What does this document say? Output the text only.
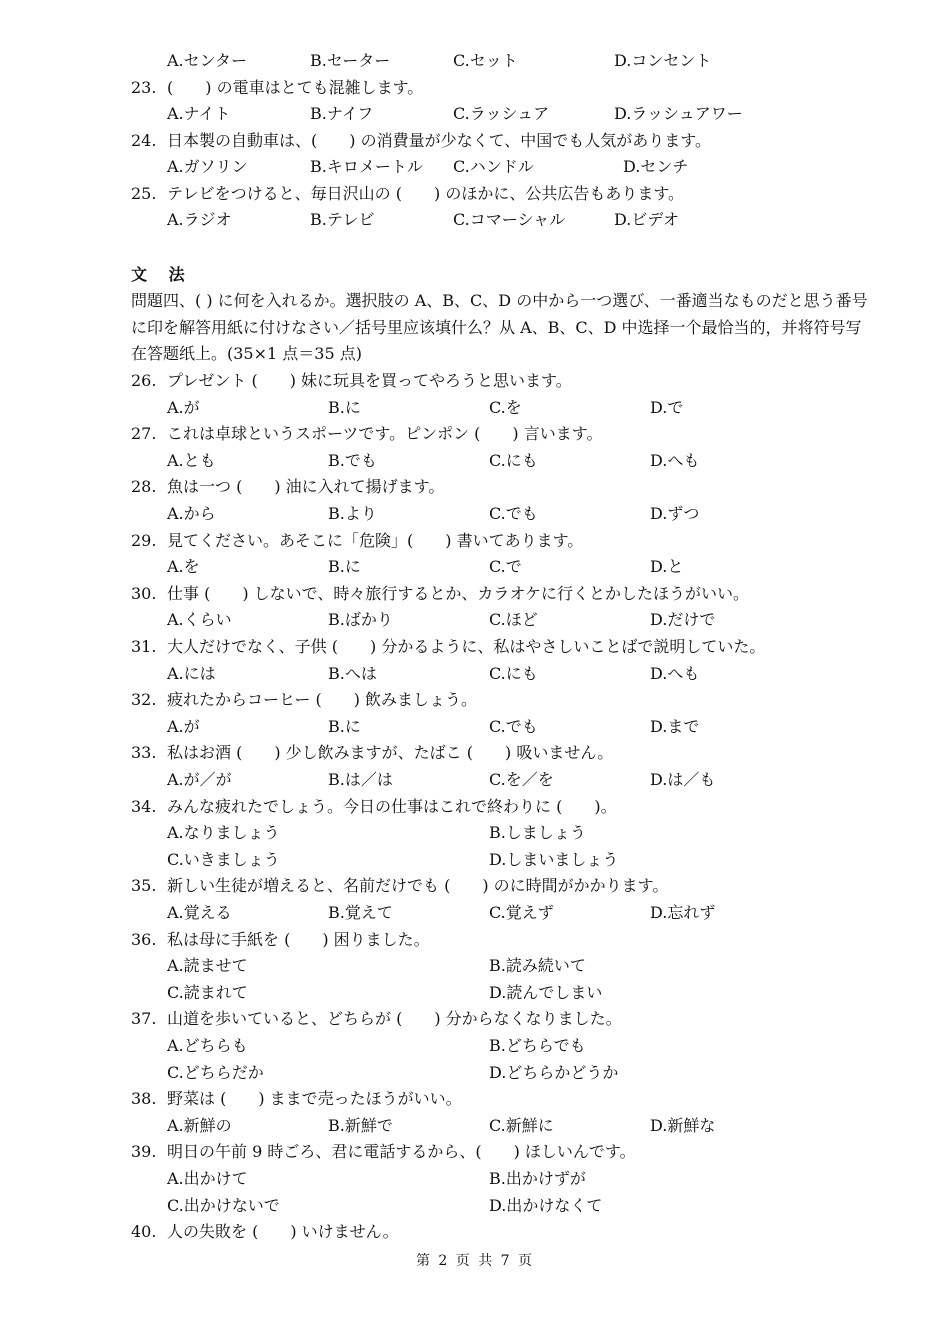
A.センター	B.セーター	C.セット	D.コンセント
23. (　　) の電車はとても混雑します。
A.ナイト	B.ナイフ	C.ラッシュア	D.ラッシュアワー
24. 日本製の自動車は、(　　) の消費量が少なくて、中国でも人気があります。
A.ガソリン	B.キロメートル C.ハンドル	D.センチ
25. テレビをつけると、毎日沢山の (　　) のほかに、公共広告もあります。
A.ラジオ	B.テレビ	C.コマーシャル	D.ビデオ
文 法
問題四、( ) に何を入れるか。選択肢の A、B、C、D の中から一つ選び、一番適当なものだと思う番号に印を解答用紙に付けなさい／括号里应该填什么？从 A、B、C、D 中选择一个最恰当的，并将符号写在答题纸上。(35×1 点＝35 点)
26. プレゼント (　　) 妹に玩具を買ってやろうと思います。
A.が	B.に	C.を	D.で
27. これは卓球というスポーツです。ピンポン (　　) 言います。
A.とも	B.でも	C.にも	D.へも
28. 魚は一つ (　　) 油に入れて揚げます。
A.から	B.より	C.でも	D.ずつ
29. 見てください。あそこに「危険」(　　) 書いてあります。
A.を	B.に	C.で	D.と
30. 仕事 (　　) しないで、時々旅行するとか、カラオケに行くとかしたほうがいい。
A.くらい	B.ばかり	C.ほど	D.だけで
31. 大人だけでなく、子供 (　　) 分かるように、私はやさしいことばで説明していた。
A.には	B.へは	C.にも	D.へも
32. 疲れたからコーヒー (　　) 飲みましょう。
A.が	B.に	C.でも	D.まで
33. 私はお酒 (　　) 少し飲みますが、たばこ (　　) 吸いません。
A.が／が	B.は／は	C.を／を	D.は／も
34. みんな疲れたでしょう。今日の仕事はこれで終わりに (　　)。
A.なりましょう	B.しましょう
C.いきましょう	D.しまいましょう
35. 新しい生徒が増えると、名前だけでも (　　) のに時間がかかります。
A.覚える	B.覚えて	C.覚えず	D.忘れず
36. 私は母に手紙を (　　) 困りました。
A.読ませて	B.読み続いて
C.読まれて	D.読んでしまい
37. 山道を歩いていると、どちらが (　　) 分からなくなりました。
A.どちらも	B.どちらでも
C.どちらだか	D.どちらかどうか
38. 野菜は (　　) ままで売ったほうがいい。
A.新鮮の	B.新鮮で	C.新鮮に	D.新鮮な
39. 明日の午前 9 時ごろ、君に電話するから、(　　) ほしいんです。
A.出かけて	B.出かけずが
C.出かけないで	D.出かけなくて
40. 人の失敗を (　　) いけません。
第 2 页 共 7 页
